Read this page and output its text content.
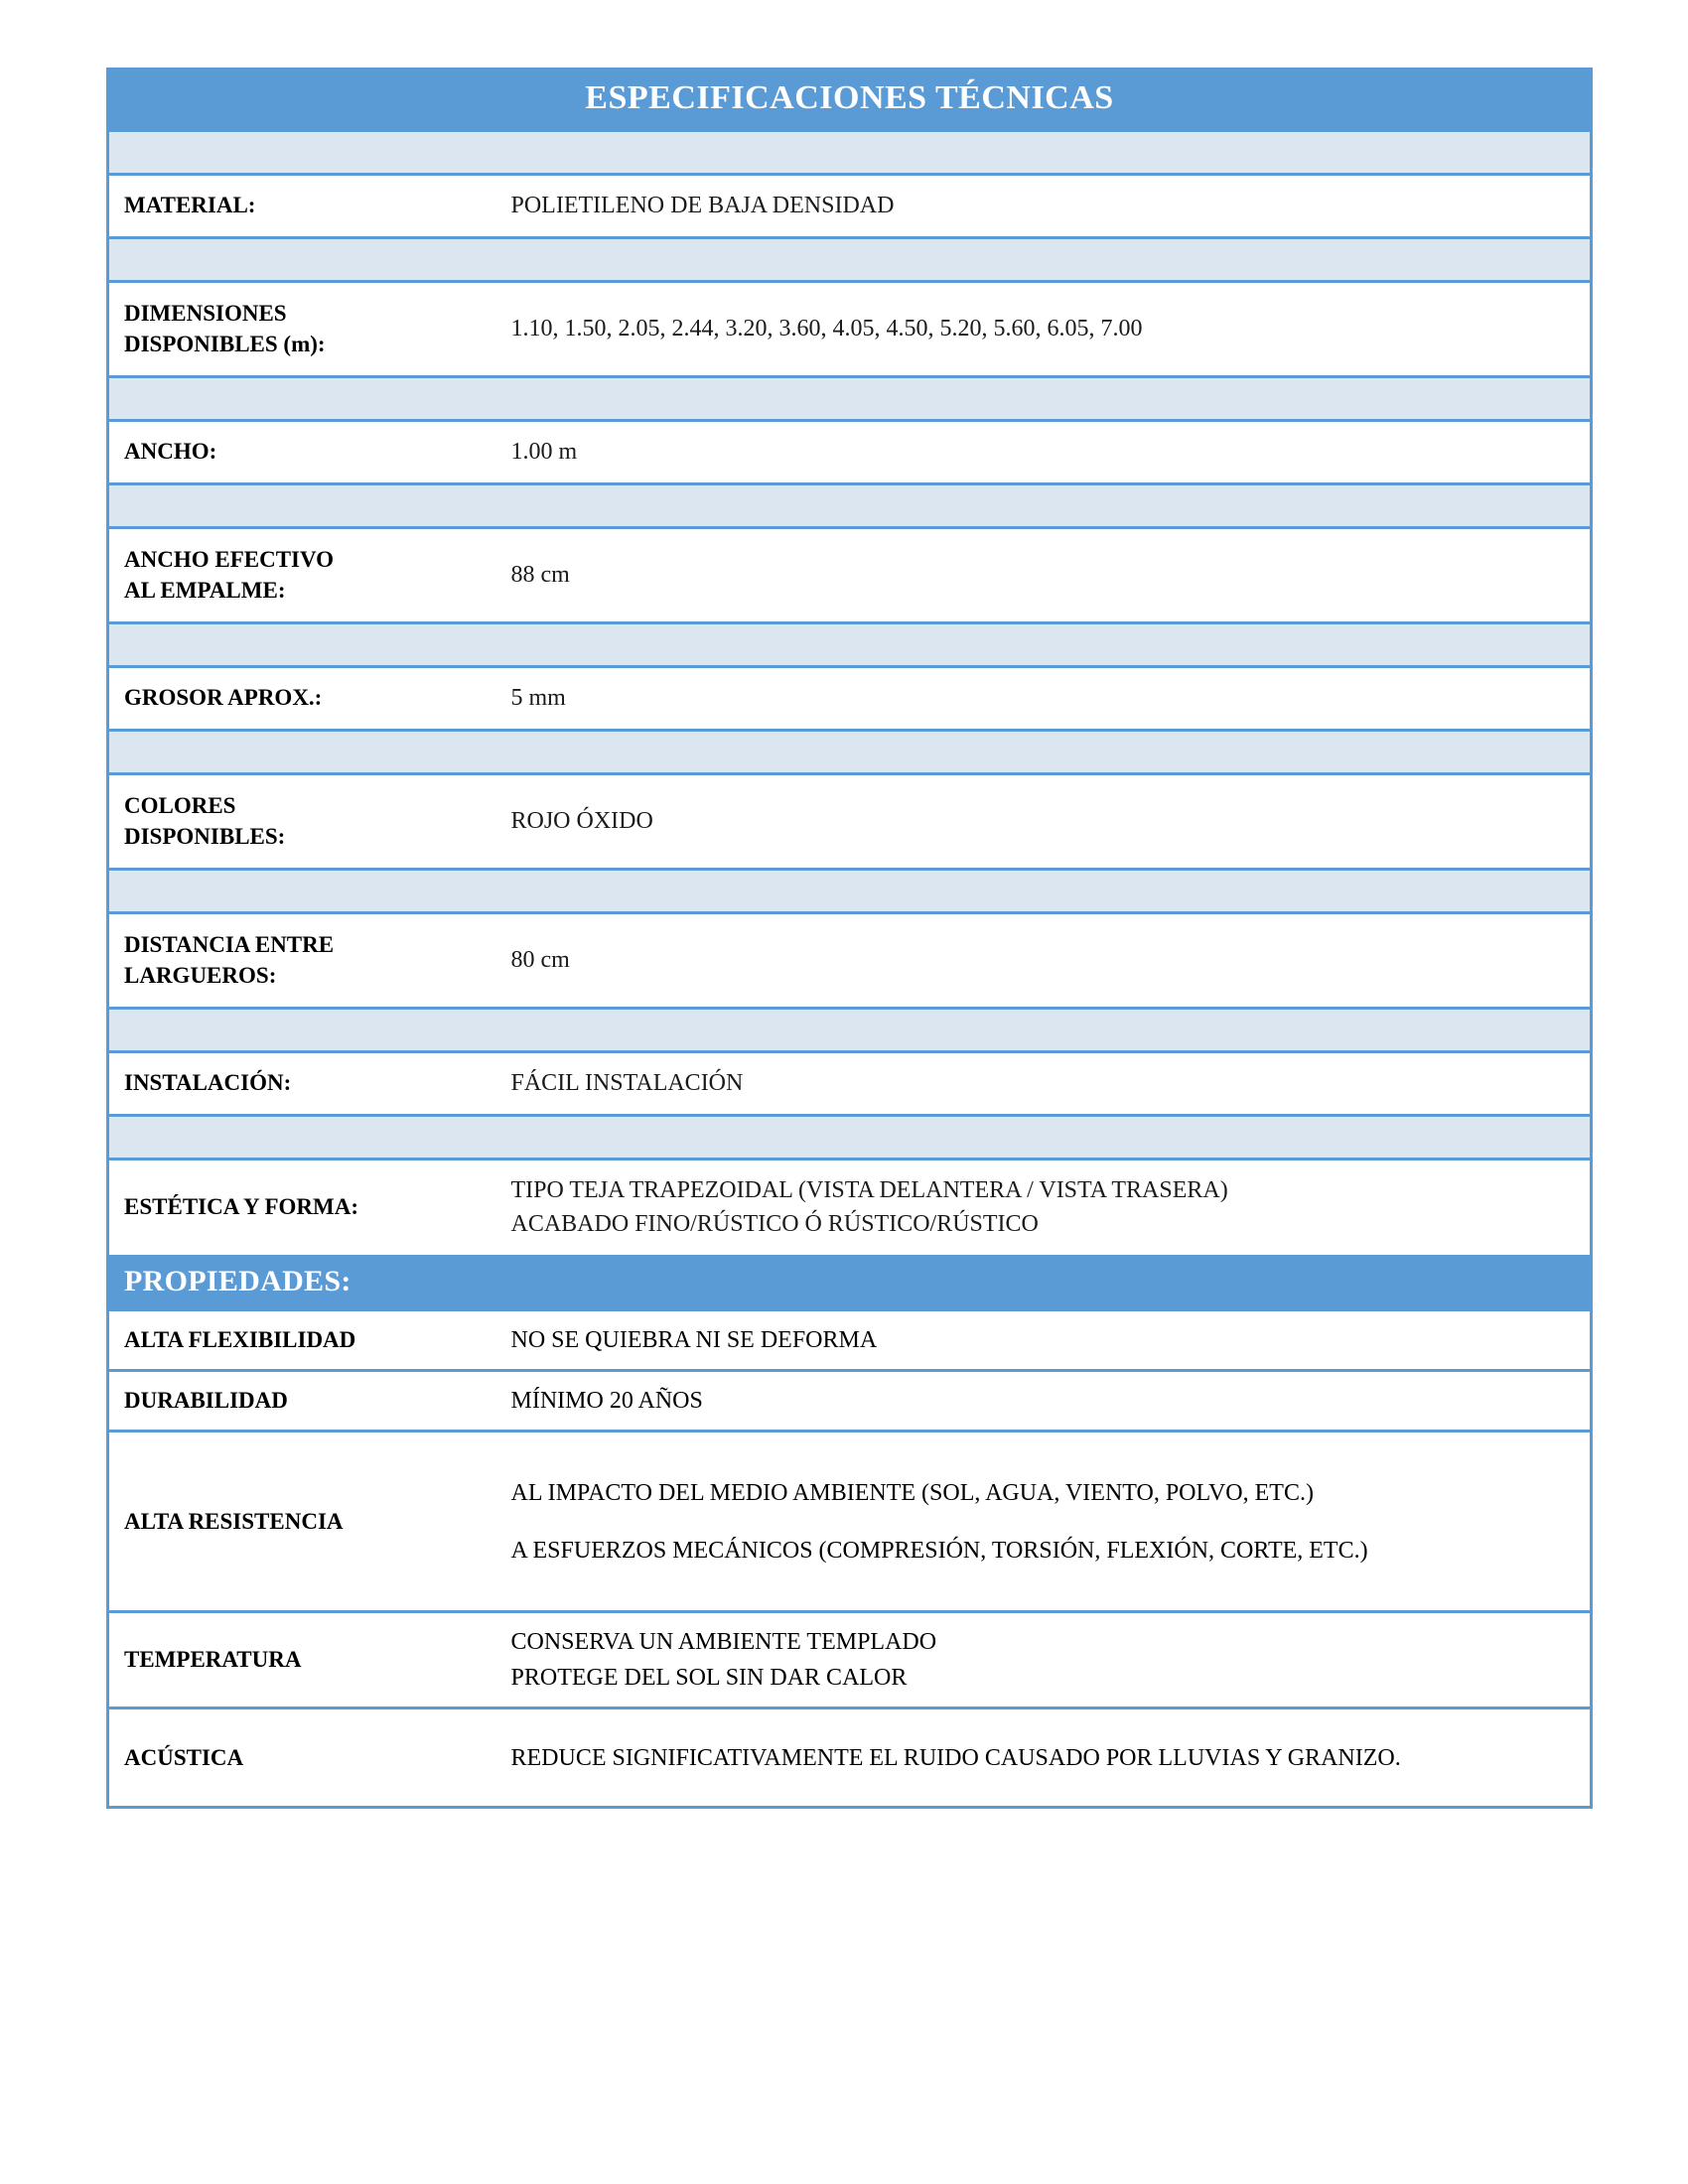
ESPECIFICACIONES TÉCNICAS

MATERIAL:	POLIETILENO DE BAJA DENSIDAD

DIMENSIONES
DISPONIBLES (m):	1.10, 1.50, 2.05, 2.44, 3.20, 3.60, 4.05, 4.50, 5.20, 5.60, 6.05, 7.00

ANCHO:	1.00 m

ANCHO EFECTIVO
AL EMPALME:	88 cm

GROSOR APROX.:	5 mm

COLORES
DISPONIBLES:	ROJO ÓXIDO

DISTANCIA ENTRE
LARGUEROS:	80 cm

INSTALACIÓN:	FÁCIL INSTALACIÓN

ESTÉTICA Y FORMA:	TIPO TEJA TRAPEZOIDAL (VISTA DELANTERA / VISTA TRASERA)

ACABADO FINO/RÚSTICO Ó RÚSTICO/RÚSTICO

PROPIEDADES:	
ALTA FLEXIBILIDAD	NO SE QUIEBRA NI SE DEFORMA
DURABILIDAD	MÍNIMO 20 AÑOS
ALTA RESISTENCIA	AL IMPACTO DEL MEDIO AMBIENTE (SOL, AGUA, VIENTO, POLVO, ETC.)

A ESFUERZOS MECÁNICOS (COMPRESIÓN, TORSIÓN, FLEXIÓN, CORTE, ETC.)

TEMPERATURA	CONSERVA UN AMBIENTE TEMPLADO

PROTEGE DEL SOL SIN DAR CALOR

ACÚSTICA	REDUCE SIGNIFICATIVAMENTE EL RUIDO CAUSADO POR LLUVIAS Y GRANIZO.
